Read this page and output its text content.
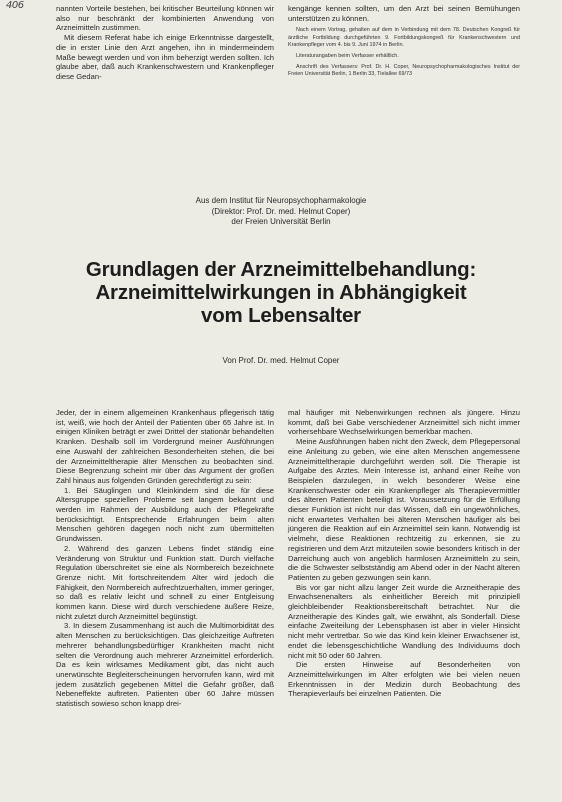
406	nannten Vorteile bestehen, bei kritischer Beurteilung können wir also nur beschränkt der kombinierten Anwendung von Arzneimitteln zustimmen.

Mit diesem Referat habe ich einige Erkenntnisse dargestellt, die in erster Linie den Arzt angehen, ihn in mindermeindem Maße bewegt werden und von ihm beherzigt werden sollten. Ich glaube aber, daß auch Krankenschwestern und Krankenpfleger diese Gedan-

kengänge kennen sollten, um den Arzt bei seinen Bemühungen unterstützen zu können.

Nach einem Vortrag, gehalten auf dem in Verbindung mit dem 78. Deutschen Kongreß für ärztliche Fortbildung durchgeführten 9. Fortbildungskongreß für Krankenschwestern und Krankenpfleger vom 4. bis 9. Juni 1974 in Berlin.

Literaturangaben beim Verfasser erhältlich.

Anschrift des Verfassers: Prof. Dr. H. Coper, Neuropsychopharmakologisches Institut der Freien Universität Berlin, 1 Berlin 33, Tielallee 69/73

Aus dem Institut für Neuropsychopharmakologie
(Direktor: Prof. Dr. med. Helmut Coper)
der Freien Universität Berlin
Grundlagen der Arzneimittelbehandlung:
Arzneimittelwirkungen in Abhängigkeit
vom Lebensalter
Von Prof. Dr. med. Helmut Coper

Jeder, der in einem allgemeinen Krankenhaus pflegerisch tätig ist, weiß, wie hoch der Anteil der Patienten über 65 Jahre ist. In einigen Kliniken beträgt er zwei Drittel der stationär behandelten Kranken. Deshalb soll im Vordergrund meiner Ausführungen eine Auswahl der zahlreichen Besonderheiten stehen, die bei der Arzneimitteltherapie älter Menschen zu beobachten sind. Diese Begrenzung scheint mir über das Argument der großen Zahl hinaus aus folgenden Gründen gerechtfertigt zu sein:

1. Bei Säuglingen und Kleinkindern sind die für diese Altersgruppe speziellen Probleme seit langem bekannt und werden im Rahmen der Ausbildung auch der Pflegekräfte berücksichtigt. Entsprechende Erfahrungen beim alten Menschen gehören dagegen noch nicht zum übermittelten Grundwissen.

2. Während des ganzen Lebens findet ständig eine Veränderung von Struktur und Funktion statt. Durch vielfache Regulation überschreitet sie eine als Normbereich bezeichnete Grenze nicht. Mit fortschreitendem Alter wird jedoch die Fähigkeit, den Normbereich aufrechtzuerhalten, immer geringer, so daß es relativ leicht und schnell zu einer Entgleisung kommen kann. Diese wird durch verschiedene äußere Reize, nicht zuletzt durch Arzneimittel begünstigt.

3. In diesem Zusammenhang ist auch die Multimorbidität des alten Menschen zu berücksichtigen. Das gleichzeitige Auftreten mehrerer behandlungsbedürftiger Krankheiten macht nicht selten die Verordnung auch mehrerer Arzneimittel erforderlich. Da es kein wirksames Medikament gibt, das nicht auch unerwünschte Begleiterscheinungen hervorrufen kann, wird mit jedem zusätzlich gegebenen Mittel die Gefahr größer, daß Nebeneffekte auftreten. Patienten über 60 Jahre müssen statistisch sowieso schon knapp drei-

mal häufiger mit Nebenwirkungen rechnen als jüngere. Hinzu kommt, daß bei Gabe verschiedener Arzneimittel sich nicht immer vorhersehbare Wechselwirkungen bemerkbar machen.

Meine Ausführungen haben nicht den Zweck, dem Pflegepersonal eine Anleitung zu geben, wie eine alten Menschen angemessene Arzneimitteltherapie durchgeführt werden soll. Die Therapie ist Aufgabe des Arztes. Mein Interesse ist, anhand einer Reihe von Beispielen darzulegen, in welch besonderer Weise eine Krankenschwester oder ein Krankenpfleger als Therapievermittler des älteren Patienten beteiligt ist. Voraussetzung für die Erfüllung dieser Funktion ist nicht nur das Wissen, daß ein ungewöhnliches, nicht erwartetes Verhalten bei älteren Menschen häufiger als bei jüngeren die Reaktion auf ein Arzneimittel sein kann. Notwendig ist vielmehr, diese Reaktionen rechtzeitig zu erkennen, sie zu registrieren und dem Arzt mitzuteilen sowie besonders kritisch in der Darreichung auch von angeblich harmlosen Arzneimitteln zu sein, die die Schwester selbstständig am Abend oder in der Nacht älteren Patienten zu geben gezwungen sein kann.

Bis vor gar nicht allzu langer Zeit wurde die Arzneitherapie des Erwachsenenalters als einheitlicher Bereich mit prinzipiell gleichbleibender Reaktionsbereitschaft betrachtet. Nur die Arzneitherapie des Kindes galt, wie erwähnt, als Sonderfall. Diese einfache Zweiteilung der Lebensphasen ist aber in vieler Hinsicht nicht mehr vertretbar. So wie das Kind kein kleiner Erwachsener ist, endet die lebensgeschichtliche Wandlung des Individuums doch nicht mit 50 oder 60 Jahren.

Die ersten Hinweise auf Besonderheiten von Arzneimittelwirkungen im Alter erfolgten wie bei vielen neuen Erkenntnissen in der Medizin durch Beobachtung des Therapieverlaufs bei einzelnen Patienten. Die
